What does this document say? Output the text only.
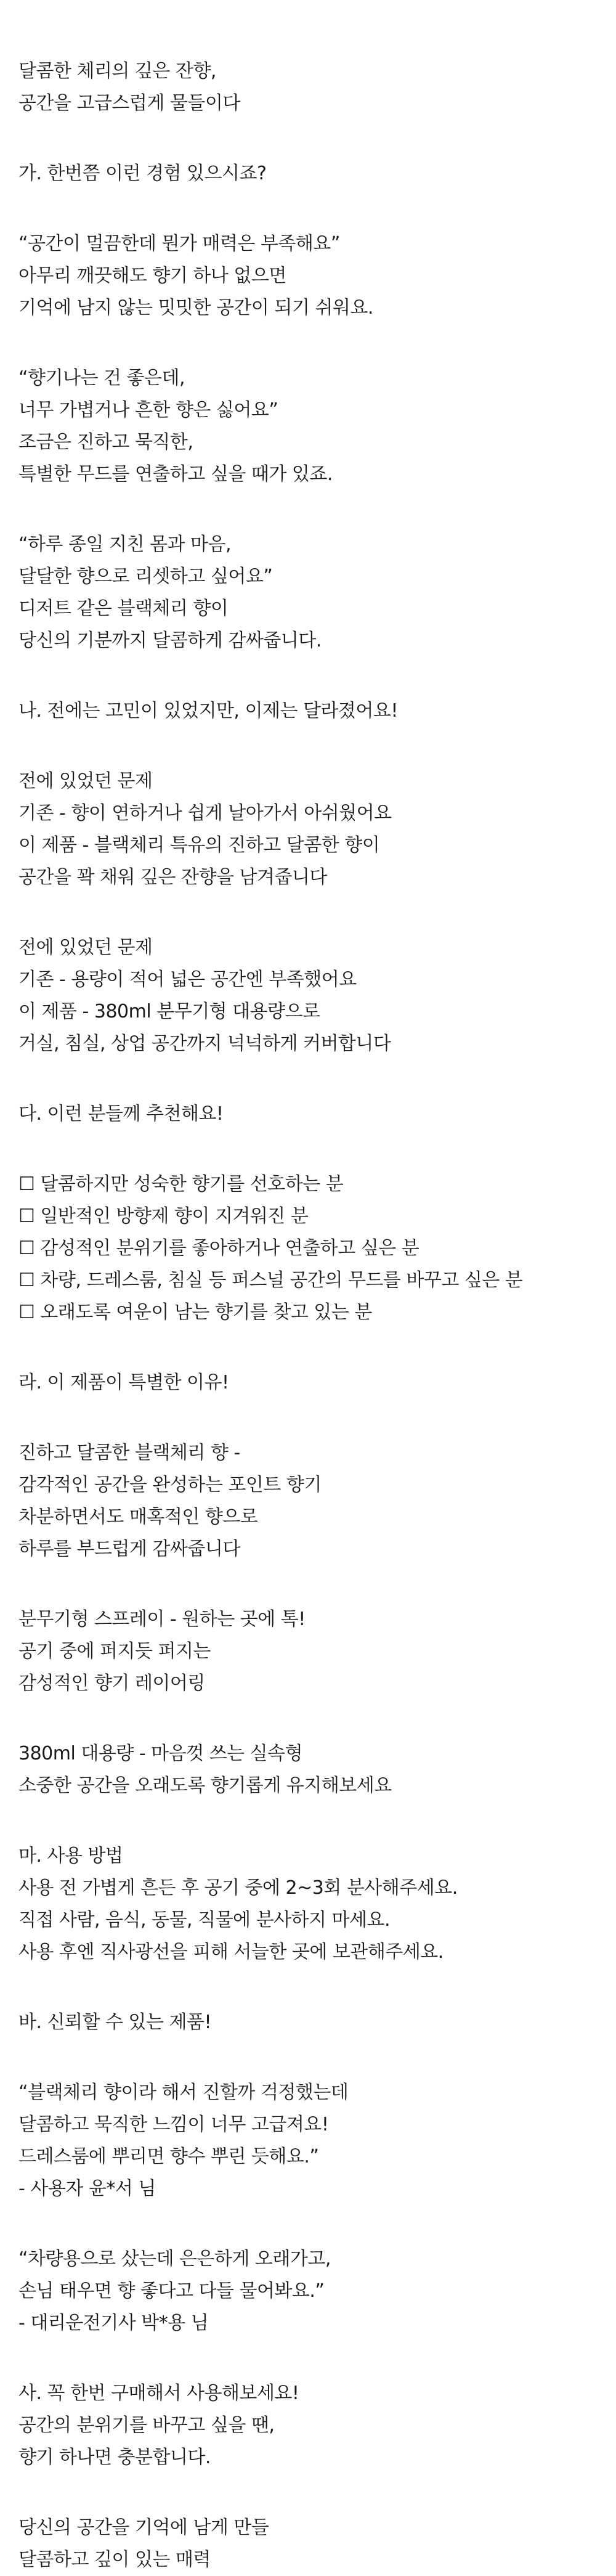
달콤한 체리의 깊은 잔향,
공간을 고급스럽게 물들이다
가. 한번쯤 이런 경험 있으시죠?
“공간이 멀끔한데 뭔가 매력은 부족해요”
아무리 깨끗해도 향기 하나 없으면
기억에 남지 않는 밋밋한 공간이 되기 쉬워요.
“향기나는 건 좋은데,
너무 가볍거나 흔한 향은 싫어요”
조금은 진하고 묵직한,
특별한 무드를 연출하고 싶을 때가 있죠.
“하루 종일 지친 몸과 마음,
달달한 향으로 리셋하고 싶어요”
디저트 같은 블랙체리 향이
당신의 기분까지 달콤하게 감싸줍니다.
나. 전에는 고민이 있었지만, 이제는 달라졌어요!
전에 있었던 문제
기존 - 향이 연하거나 쉽게 날아가서 아쉬웠어요
이 제품 - 블랙체리 특유의 진하고 달콤한 향이
공간을 꽉 채워 깊은 잔향을 남겨줍니다
전에 있었던 문제
기존 - 용량이 적어 넓은 공간엔 부족했어요
이 제품 - 380ml 분무기형 대용량으로
거실, 침실, 상업 공간까지 넉넉하게 커버합니다
다. 이런 분들께 추천해요!
☐ 달콤하지만 성숙한 향기를 선호하는 분
☐ 일반적인 방향제 향이 지겨워진 분
☐ 감성적인 분위기를 좋아하거나 연출하고 싶은 분
☐ 차량, 드레스룸, 침실 등 퍼스널 공간의 무드를 바꾸고 싶은 분
☐ 오래도록 여운이 남는 향기를 찾고 있는 분
라. 이 제품이 특별한 이유!
진하고 달콤한 블랙체리 향 -
감각적인 공간을 완성하는 포인트 향기
차분하면서도 매혹적인 향으로
하루를 부드럽게 감싸줍니다
분무기형 스프레이 - 원하는 곳에 톡!
공기 중에 퍼지듯 퍼지는
감성적인 향기 레이어링
380ml 대용량 - 마음껏 쓰는 실속형
소중한 공간을 오래도록 향기롭게 유지해보세요
마. 사용 방법
사용 전 가볍게 흔든 후 공기 중에 2~3회 분사해주세요.
직접 사람, 음식, 동물, 직물에 분사하지 마세요.
사용 후엔 직사광선을 피해 서늘한 곳에 보관해주세요.
바. 신뢰할 수 있는 제품!
“블랙체리 향이라 해서 진할까 걱정했는데
달콤하고 묵직한 느낌이 너무 고급져요!
드레스룸에 뿌리면 향수 뿌린 듯해요.”
- 사용자 윤*서 님
“차량용으로 샀는데 은은하게 오래가고,
손님 태우면 향 좋다고 다들 물어봐요.”
- 대리운전기사 박*용 님
사. 꼭 한번 구매해서 사용해보세요!
공간의 분위기를 바꾸고 싶을 땐,
향기 하나면 충분합니다.
당신의 공간을 기억에 남게 만들
달콤하고 깊이 있는 매력
